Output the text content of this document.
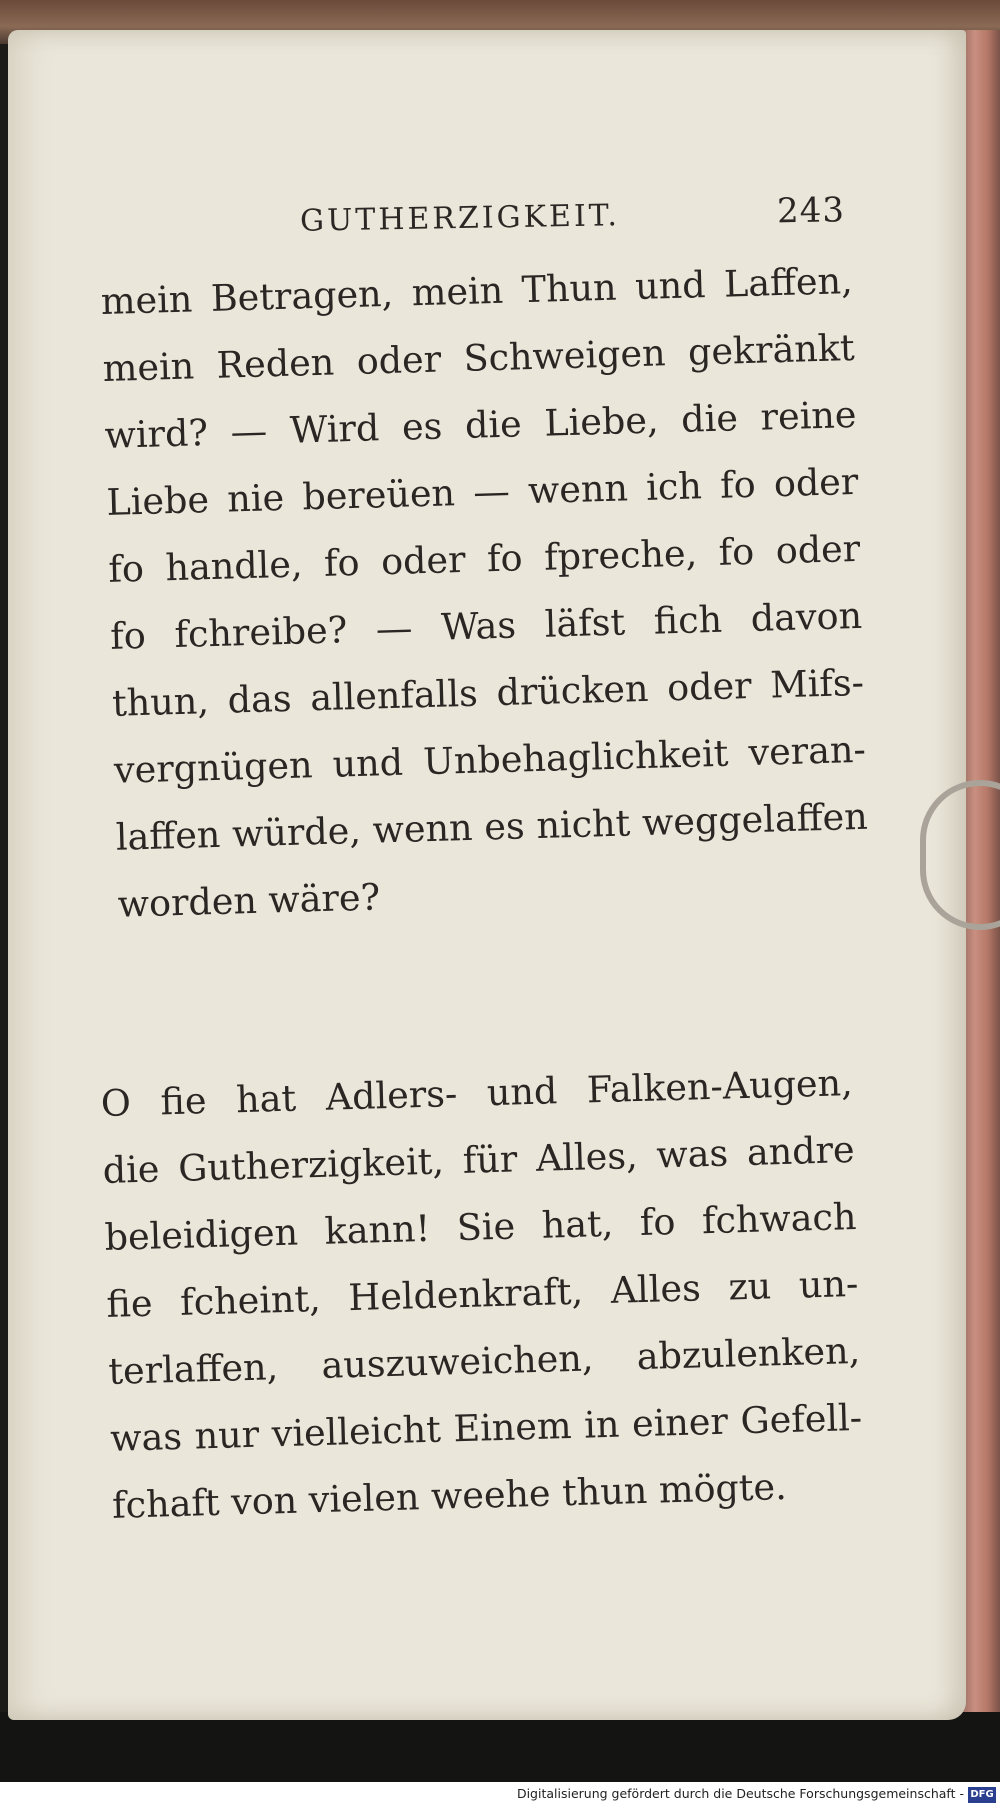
GUTHERZIGKEIT.	243
mein Betragen, mein Thun und Laffen,
mein Reden oder Schweigen gekränkt
wird? — Wird es die Liebe, die reine
Liebe nie bereüen — wenn ich fo oder
fo handle, fo oder fo fpreche, fo oder
fo fchreibe? — Was läfst fich davon
thun, das allenfalls drücken oder Mifs-
vergnügen und Unbehaglichkeit veran-
laffen würde, wenn es nicht weggelaffen
worden wäre?
O fie hat Adlers- und Falken-Augen,
die Gutherzigkeit, für Alles, was andre
beleidigen kann! Sie hat, fo fchwach
fie fcheint, Heldenkraft, Alles zu un-
terlaffen, auszuweichen, abzulenken,
was nur vielleicht Einem in einer Gefell-
fchaft von vielen weehe thun mögte.
Digitalisierung gefördert durch die Deutsche Forschungsgemeinschaft - DFG
